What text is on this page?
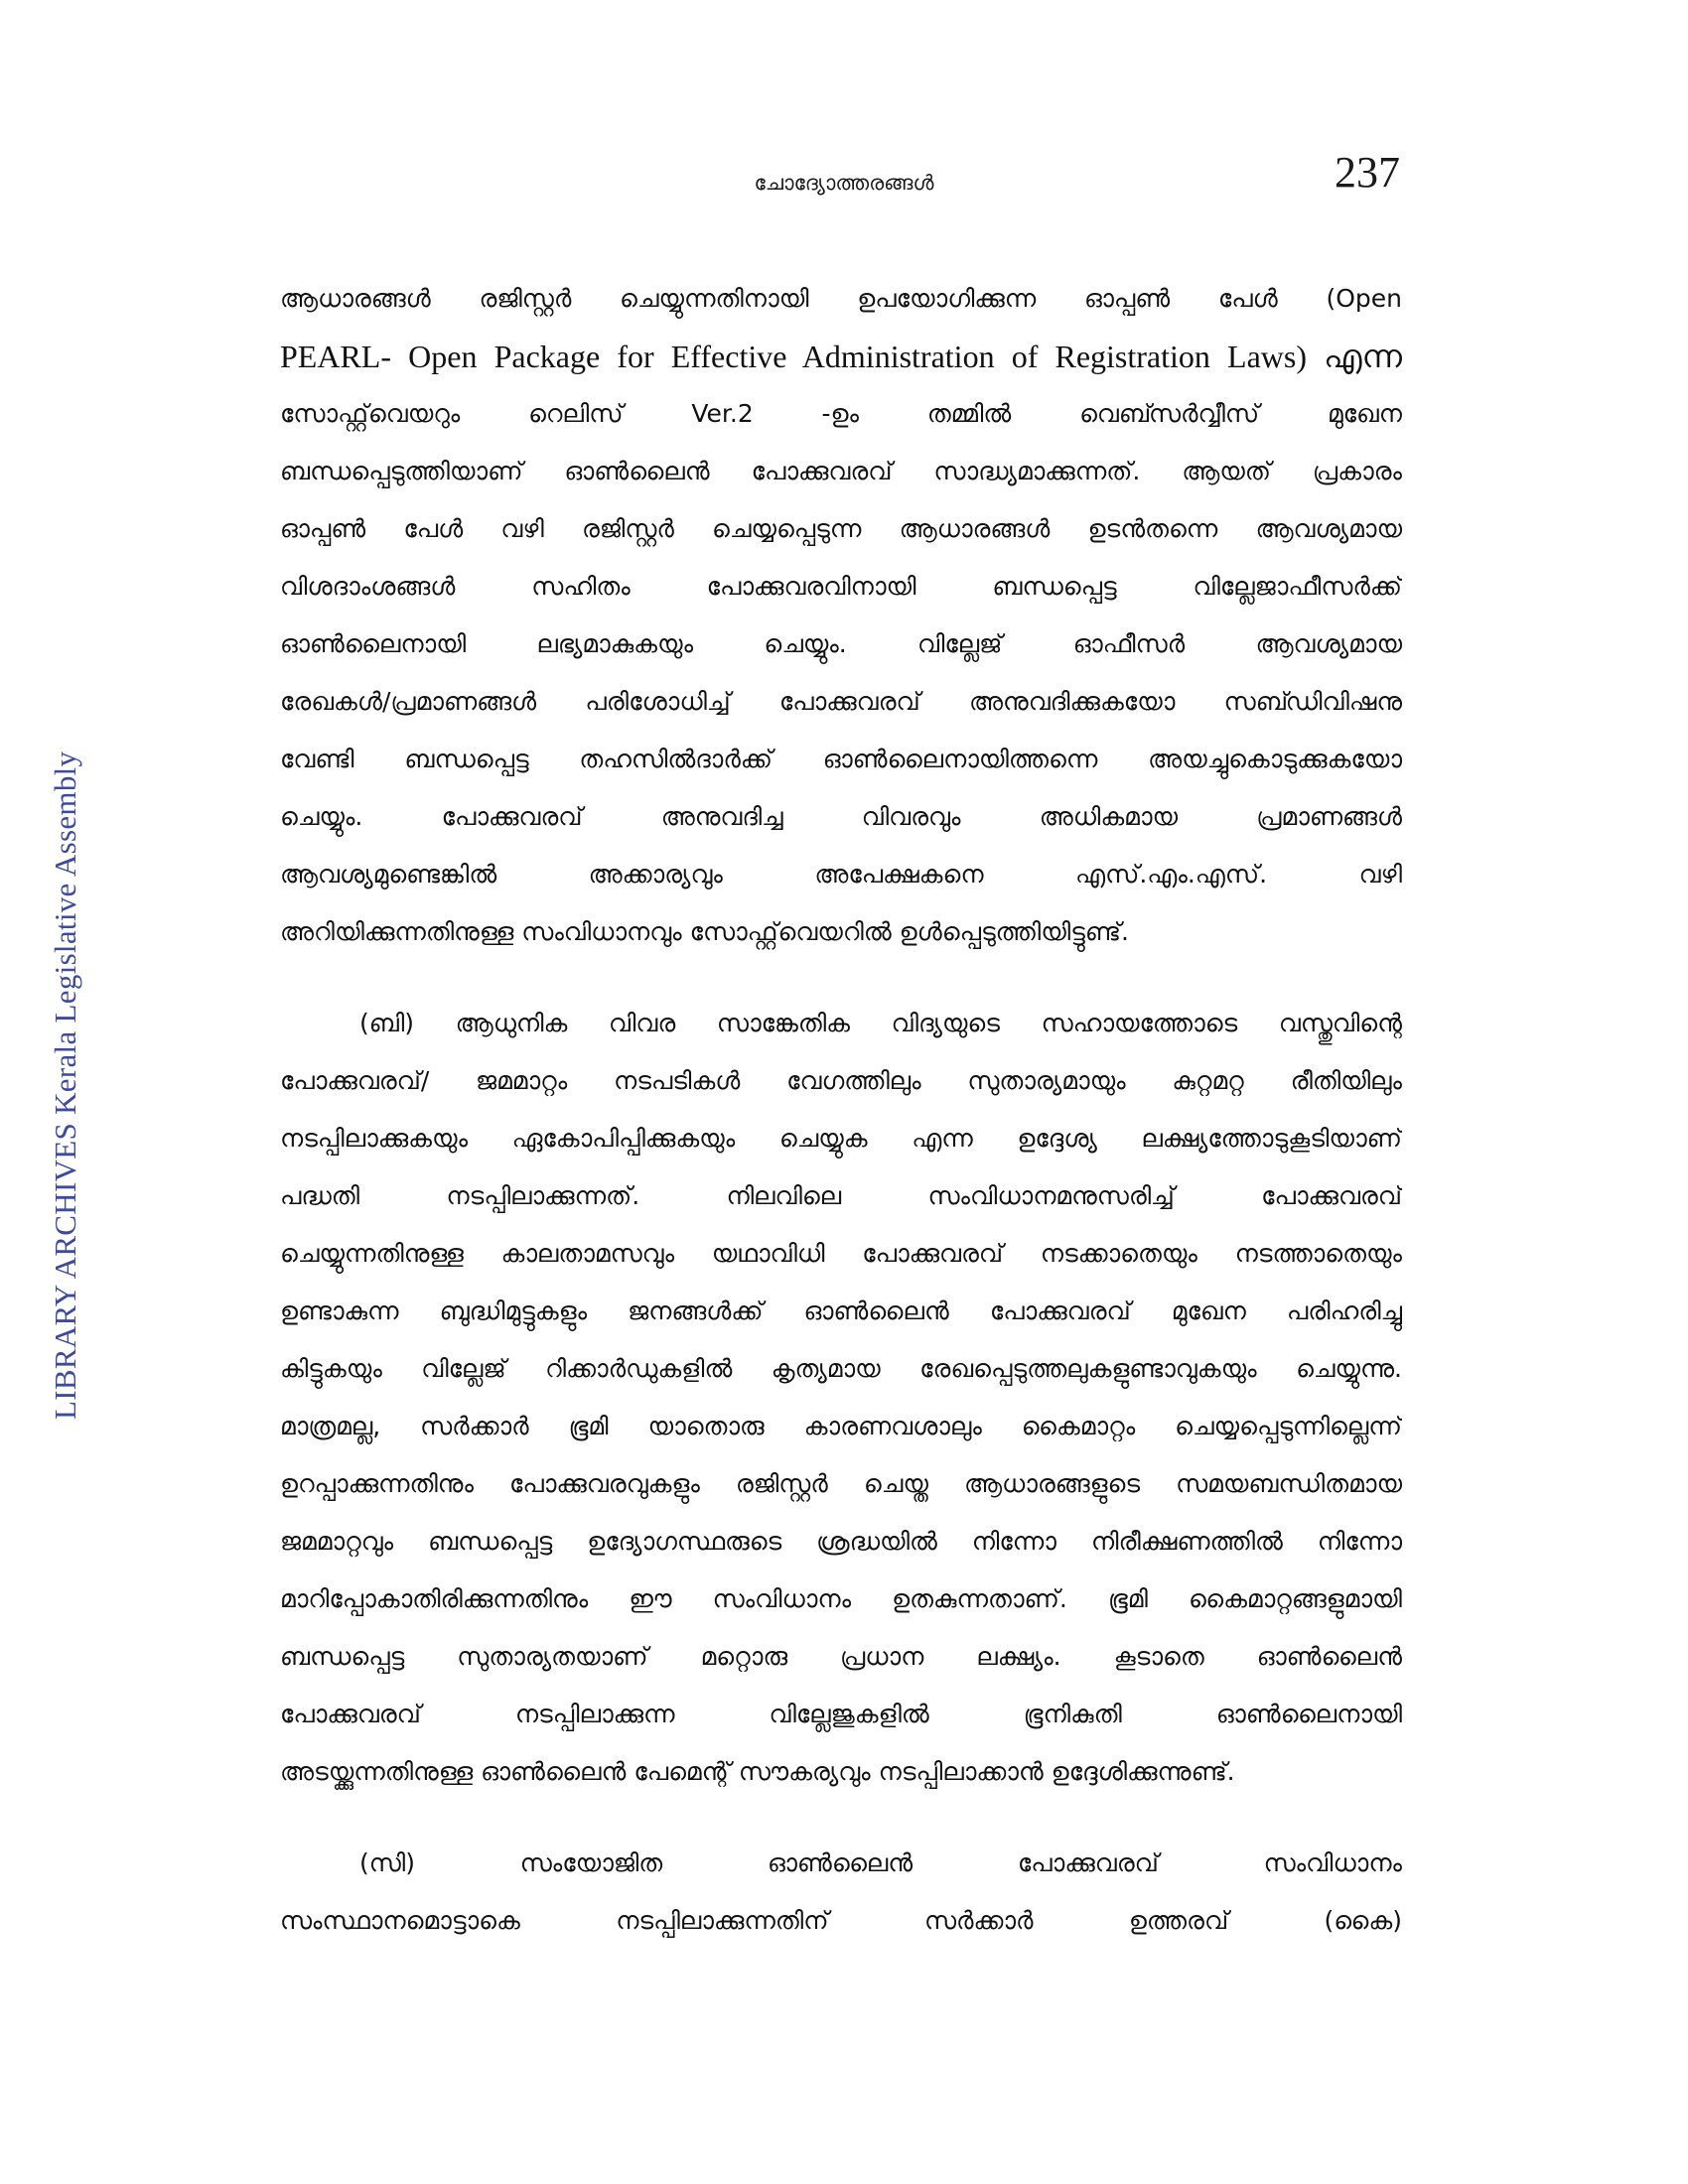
ചോദ്യോത്തരങ്ങൾ	237
LIBRARY ARCHIVES Kerala Legislative Assembly
ആധാരങ്ങൾ രജിസ്റ്റർ ചെയ്യുന്നതിനായി ഉപയോഗിക്കുന്ന ഓപ്പൺ പേൾ (Open
PEARL- Open Package for Effective Administration of Registration Laws) എന്ന
സോഫ്റ്റ്‌വെയറും റെലിസ് Ver.2 -ഉം തമ്മിൽ വെബ്സർവ്വീസ് മുഖേന
ബന്ധപ്പെടുത്തിയാണ് ഓൺലൈൻ പോക്കുവരവ് സാദ്ധ്യമാക്കുന്നത്. ആയത് പ്രകാരം
ഓപ്പൺ പേൾ വഴി രജിസ്റ്റർ ചെയ്യപ്പെടുന്ന ആധാരങ്ങൾ ഉടൻതന്നെ ആവശ്യമായ
വിശദാംശങ്ങൾ സഹിതം പോക്കുവരവിനായി ബന്ധപ്പെട്ട വില്ലേജാഫീസർക്ക്
ഓൺലൈനായി ലഭ്യമാകുകയും ചെയ്യും. വില്ലേജ് ഓഫീസർ ആവശ്യമായ
രേഖകൾ/പ്രമാണങ്ങൾ പരിശോധിച്ച് പോക്കുവരവ് അനുവദിക്കുകയോ സബ്ഡിവിഷനു
വേണ്ടി ബന്ധപ്പെട്ട തഹസിൽദാർക്ക് ഓൺലൈനായിത്തന്നെ അയച്ചുകൊടുക്കുകയോ
ചെയ്യും. പോക്കുവരവ് അനുവദിച്ച വിവരവും അധികമായ പ്രമാണങ്ങൾ
ആവശ്യമുണ്ടെങ്കിൽ അക്കാര്യവും അപേക്ഷകനെ എസ്.എം.എസ്. വഴി
അറിയിക്കുന്നതിനുള്ള സംവിധാനവും സോഫ്റ്റ്‌വെയറിൽ ഉൾപ്പെടുത്തിയിട്ടുണ്ട്.
(ബി) ആധുനിക വിവര സാങ്കേതിക വിദ്യയുടെ സഹായത്തോടെ വസ്തുവിന്റെ
പോക്കുവരവ്/ ജമമാറ്റം നടപടികൾ വേഗത്തിലും സുതാര്യമായും കുറ്റമറ്റ രീതിയിലും
നടപ്പിലാക്കുകയും ഏകോപിപ്പിക്കുകയും ചെയ്യുക എന്ന ഉദ്ദേശ്യ ലക്ഷ്യത്തോടുകൂടിയാണ്
പദ്ധതി നടപ്പിലാക്കുന്നത്. നിലവിലെ സംവിധാനമനുസരിച്ച് പോക്കുവരവ്
ചെയ്യുന്നതിനുള്ള കാലതാമസവും യഥാവിധി പോക്കുവരവ് നടക്കാതെയും നടത്താതെയും
ഉണ്ടാകുന്ന ബുദ്ധിമുട്ടുകളും ജനങ്ങൾക്ക് ഓൺലൈൻ പോക്കുവരവ് മുഖേന പരിഹരിച്ചു
കിട്ടുകയും വില്ലേജ് റിക്കാർഡുകളിൽ കൃത്യമായ രേഖപ്പെടുത്തലുകളുണ്ടാവുകയും ചെയ്യുന്നു.
മാത്രമല്ല, സർക്കാർ ഭൂമി യാതൊരു കാരണവശാലും കൈമാറ്റം ചെയ്യപ്പെടുന്നില്ലെന്ന്
ഉറപ്പാക്കുന്നതിനും പോക്കുവരവുകളും രജിസ്റ്റർ ചെയ്ത ആധാരങ്ങളുടെ സമയബന്ധിതമായ
ജമമാറ്റവും ബന്ധപ്പെട്ട ഉദ്യോഗസ്ഥരുടെ ശ്രദ്ധയിൽ നിന്നോ നിരീക്ഷണത്തിൽ നിന്നോ
മാറിപ്പോകാതിരിക്കുന്നതിനും ഈ സംവിധാനം ഉതകുന്നതാണ്. ഭൂമി കൈമാറ്റങ്ങളുമായി
ബന്ധപ്പെട്ട സുതാര്യതയാണ് മറ്റൊരു പ്രധാന ലക്ഷ്യം. കൂടാതെ ഓൺലൈൻ
പോക്കുവരവ് നടപ്പിലാക്കുന്ന വില്ലേജുകളിൽ ഭൂനികുതി ഓൺലൈനായി
അടയ്ക്കുന്നതിനുള്ള ഓൺലൈൻ പേമെന്റ് സൗകര്യവും നടപ്പിലാക്കാൻ ഉദ്ദേശിക്കുന്നുണ്ട്.
(സി) സംയോജിത ഓൺലൈൻ പോക്കുവരവ് സംവിധാനം
സംസ്ഥാനമൊട്ടാകെ നടപ്പിലാക്കുന്നതിന് സർക്കാർ ഉത്തരവ് (കൈ)
